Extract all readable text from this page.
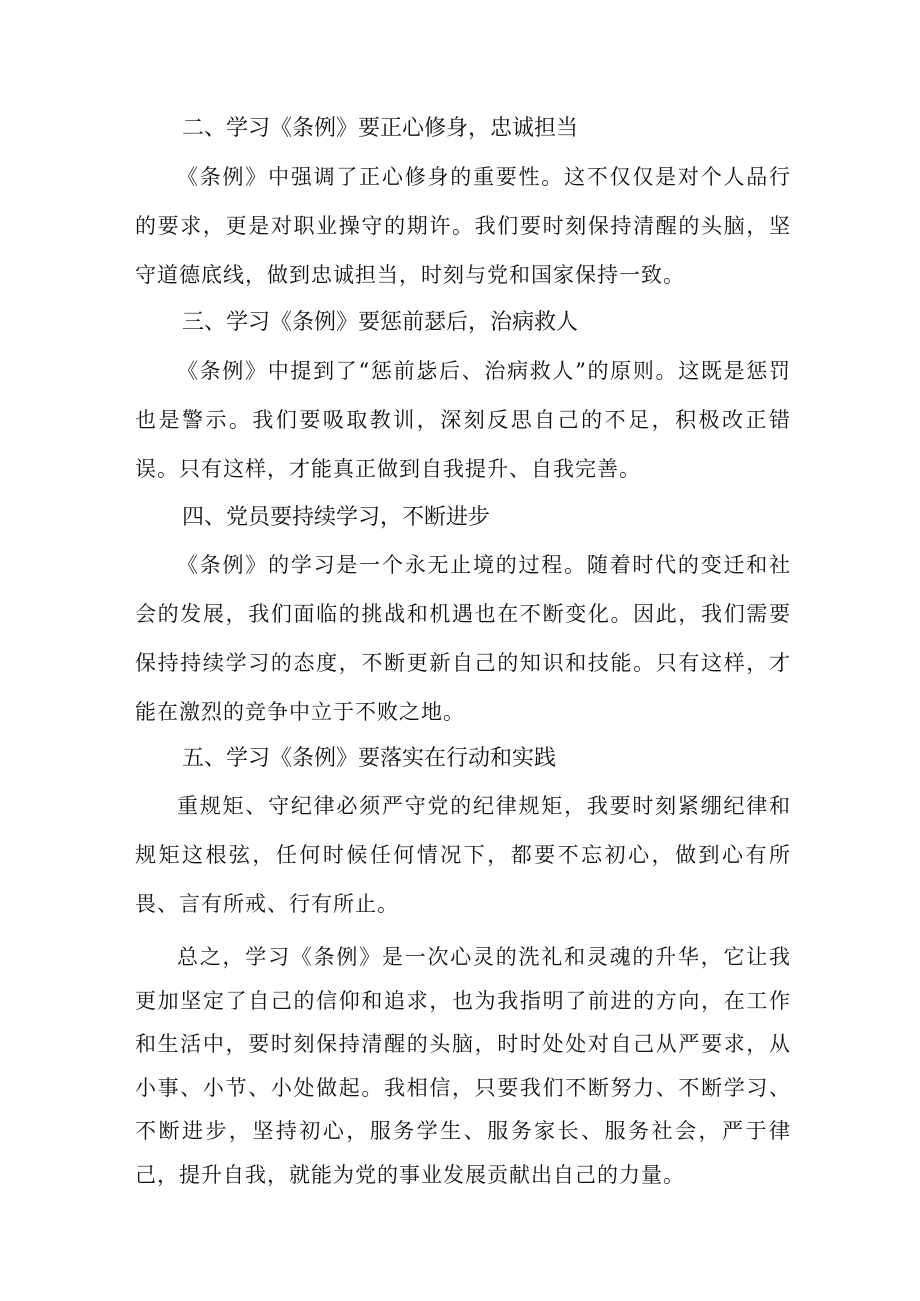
二、学习《条例》要正心修身，忠诚担当
《条例》中强调了正心修身的重要性。这不仅仅是对个人品行的要求，更是对职业操守的期许。我们要时刻保持清醒的头脑，坚守道德底线，做到忠诚担当，时刻与党和国家保持一致。
三、学习《条例》要惩前瑟后，治病救人
《条例》中提到了“惩前毖后、治病救人”的原则。这既是惩罚也是警示。我们要吸取教训，深刻反思自己的不足，积极改正错误。只有这样，才能真正做到自我提升、自我完善。
四、党员要持续学习，不断进步
《条例》的学习是一个永无止境的过程。随着时代的变迁和社会的发展，我们面临的挑战和机遇也在不断变化。因此，我们需要保持持续学习的态度，不断更新自己的知识和技能。只有这样，才能在激烈的竞争中立于不败之地。
五、学习《条例》要落实在行动和实践
重规矩、守纪律必须严守党的纪律规矩，我要时刻紧绷纪律和规矩这根弦，任何时候任何情况下，都要不忘初心，做到心有所畏、言有所戒、行有所止。
总之，学习《条例》是一次心灵的洗礼和灵魂的升华，它让我更加坚定了自己的信仰和追求，也为我指明了前进的方向，在工作和生活中，要时刻保持清醒的头脑，时时处处对自己从严要求，从小事、小节、小处做起。我相信，只要我们不断努力、不断学习、不断进步，坚持初心，服务学生、服务家长、服务社会，严于律己，提升自我，就能为党的事业发展贡献出自己的力量。
